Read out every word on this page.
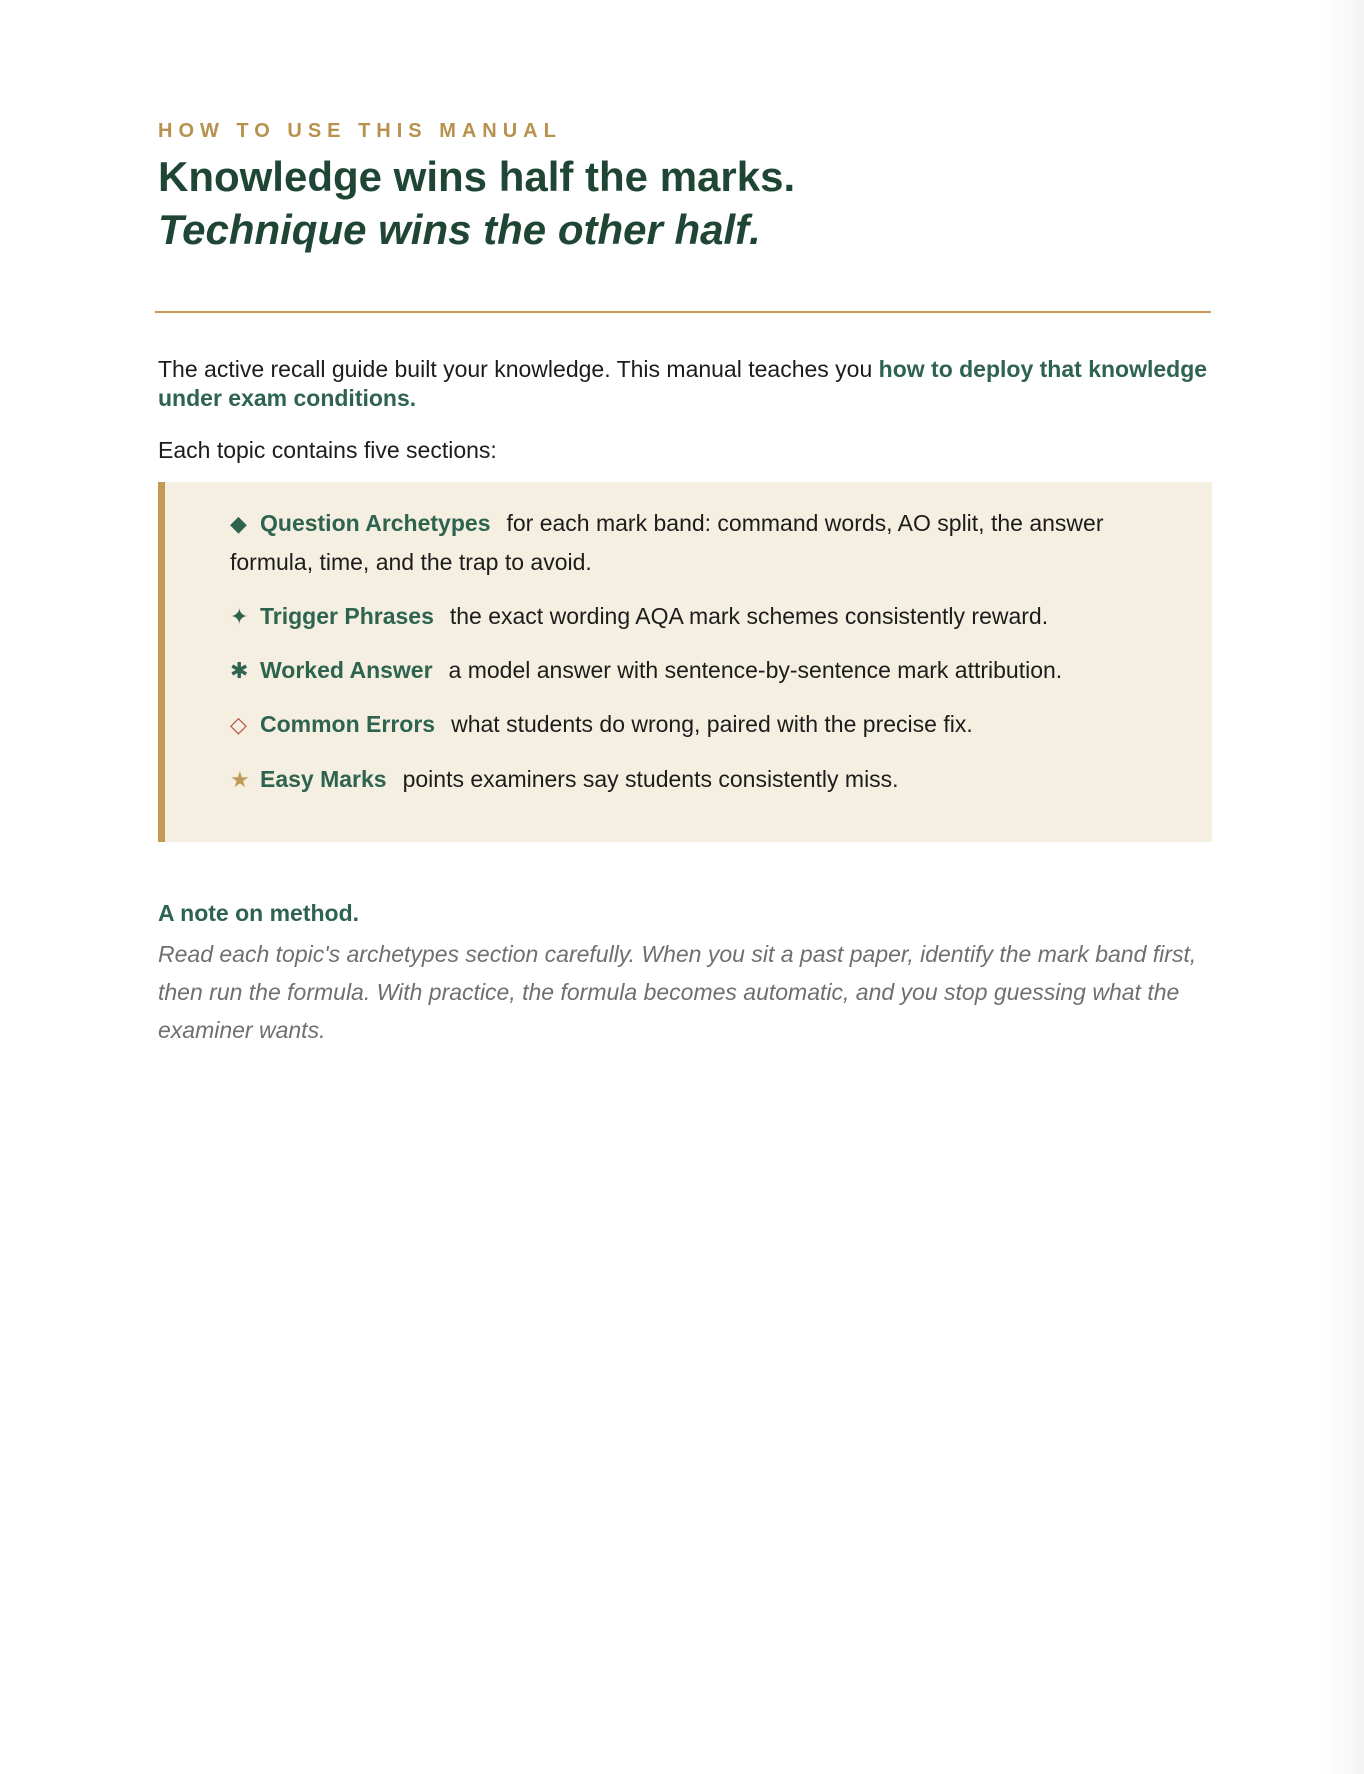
HOW TO USE THIS MANUAL
Knowledge wins half the marks.
Technique wins the other half.

The active recall guide built your knowledge. This manual teaches you how to deploy that knowledge under exam conditions.

Each topic contains five sections:

◆ Question Archetypes for each mark band: command words, AO split, the answer formula, time, and the trap to avoid.
✦ Trigger Phrases the exact wording AQA mark schemes consistently reward.
✱ Worked Answer a model answer with sentence-by-sentence mark attribution.
◇ Common Errors what students do wrong, paired with the precise fix.
★ Easy Marks points examiners say students consistently miss.
A note on method.

Read each topic's archetypes section carefully. When you sit a past paper, identify the mark band first, then run the formula. With practice, the formula becomes automatic, and you stop guessing what the examiner wants.
